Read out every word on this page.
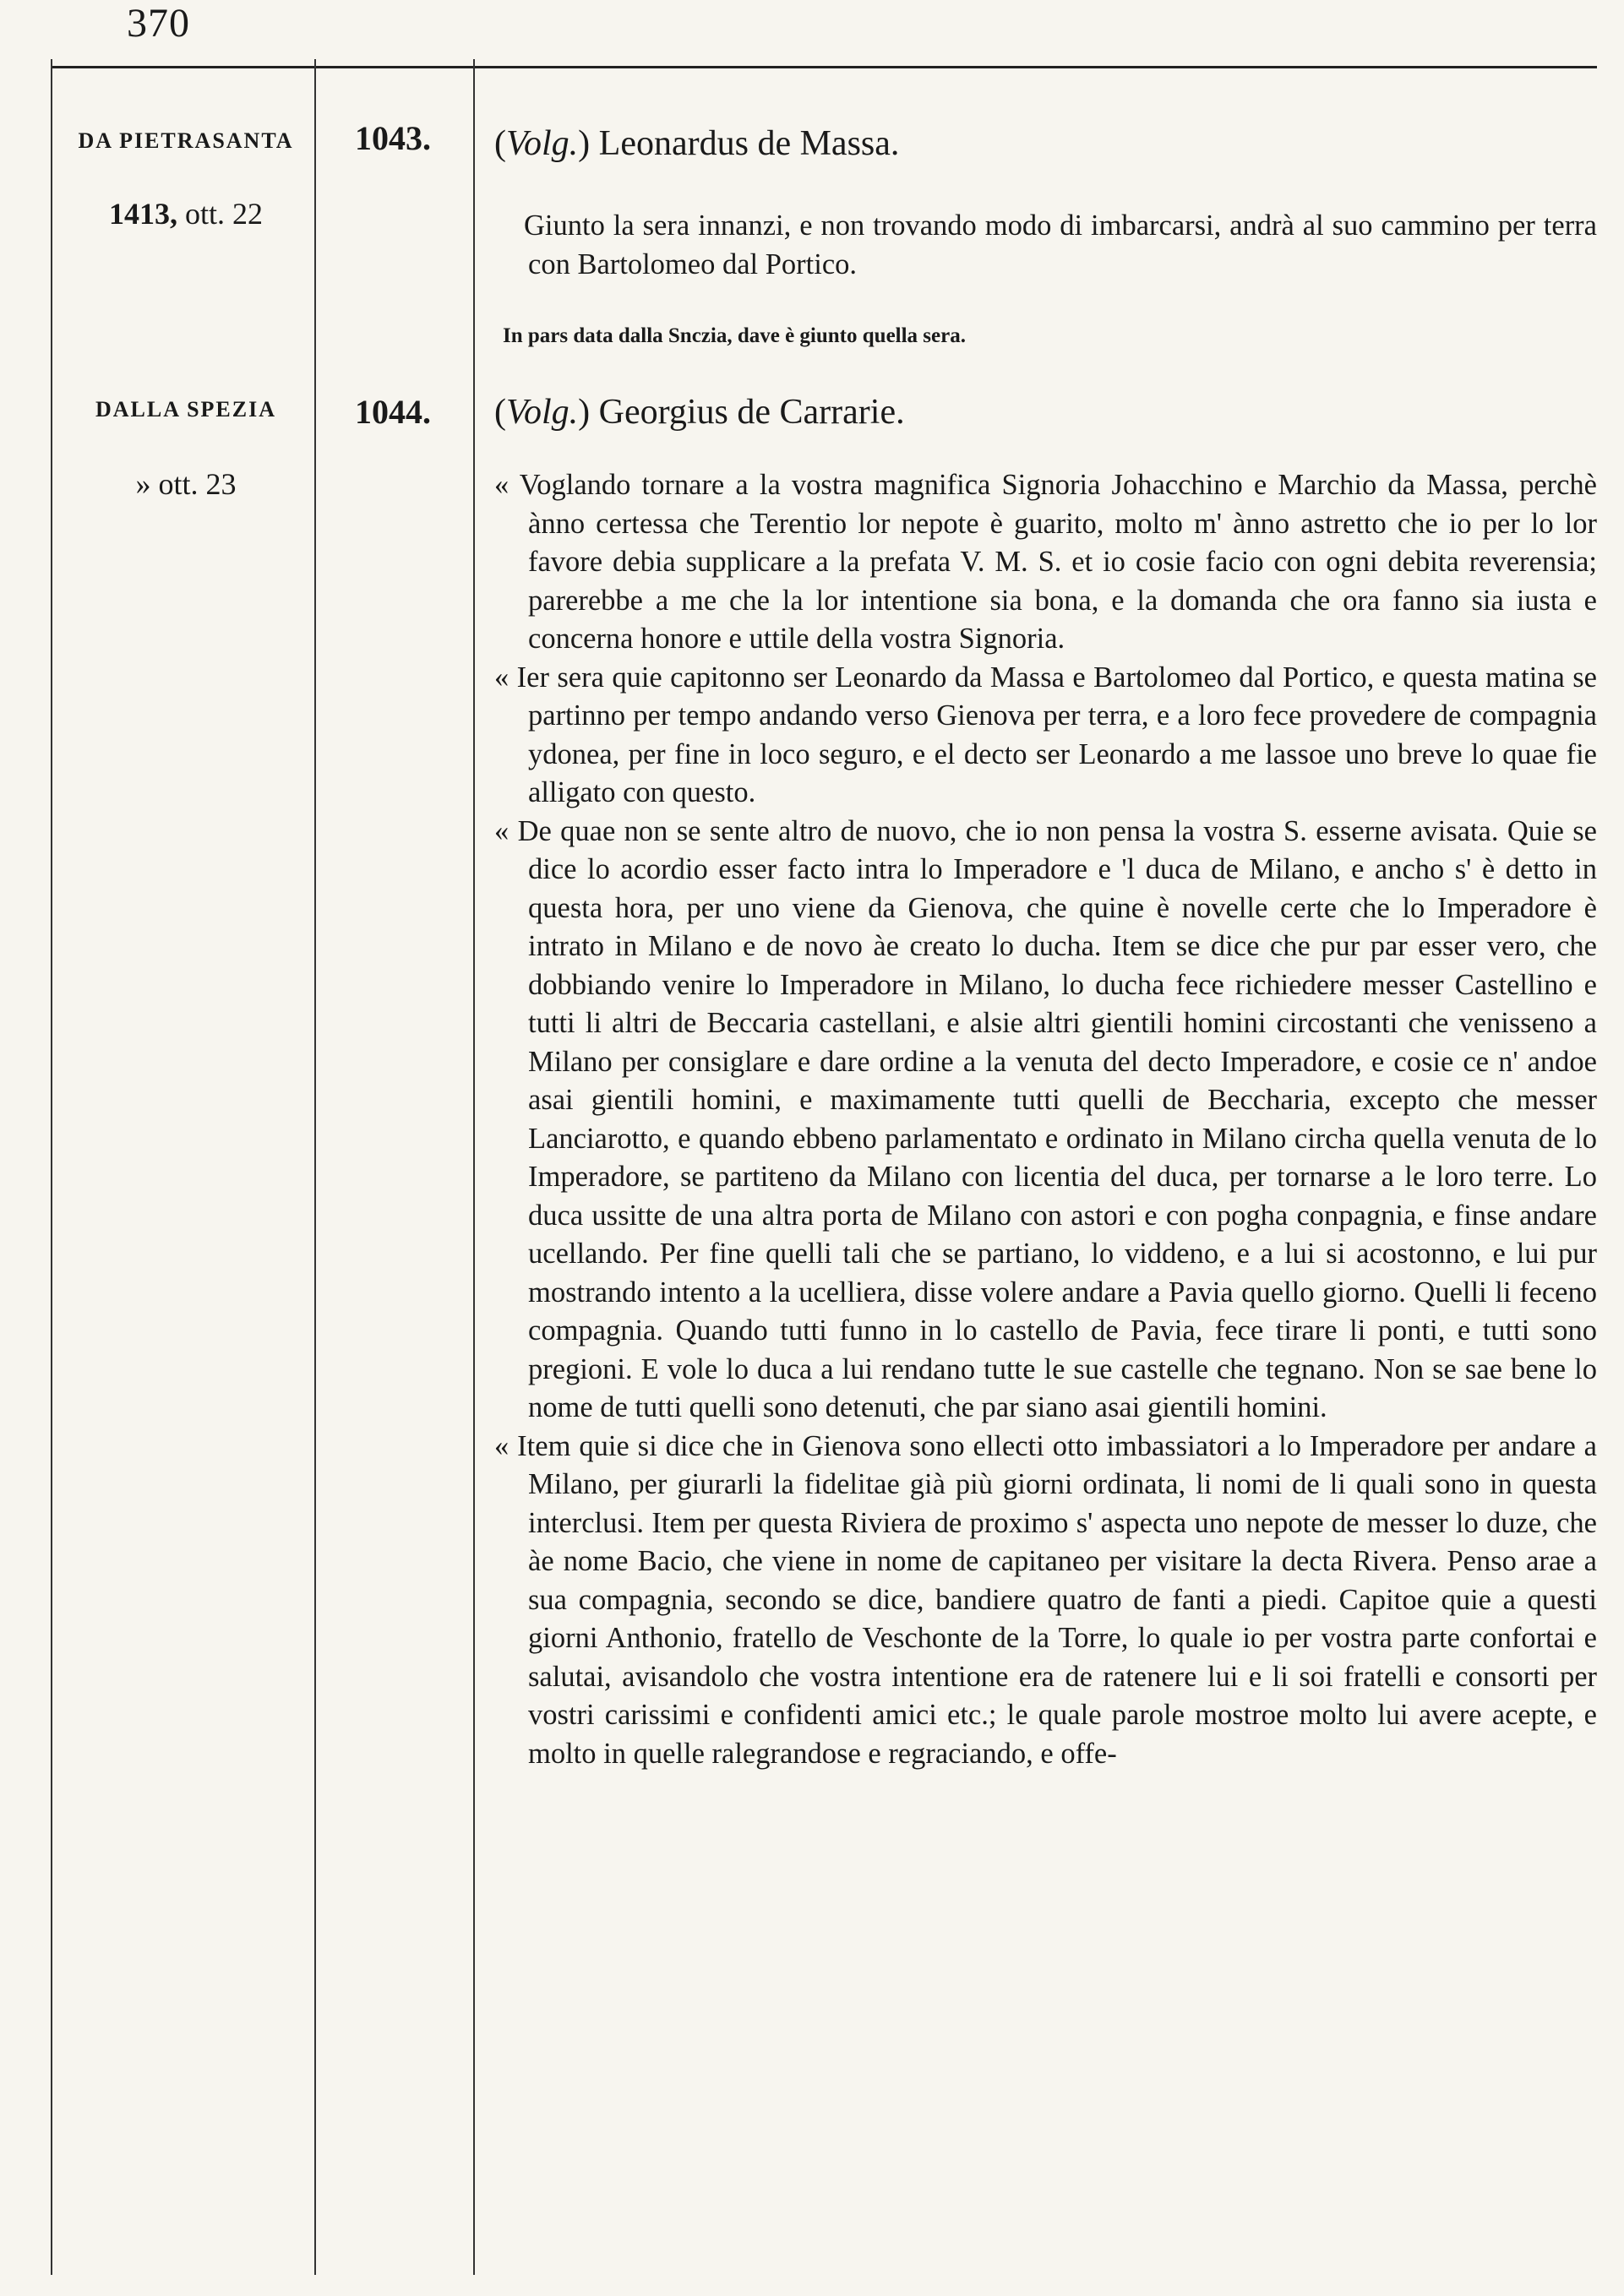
370
DA PIETRASANTA
1413, ott. 22
1043.	(Volg.) Leonardus de Massa.

Giunto la sera innanzi, e non trovando modo di imbarcarsi, andrà al suo cammino per terra con Bartolomeo dal Portico.

In pars data dalla Snczia, dave è giunto quella sera.
DALLA SPEZIA
» ott. 23
1044.	(Volg.) Georgius de Carrarie.

« Voglando tornare a la vostra magnifica Signoria Johacchino e Marchio da Massa, perchè ànno certessa che Terentio lor nepote è guarito, molto m' ànno astretto che io per lo lor favore debia supplicare a la prefata V. M. S. et io cosie facio con ogni debita reverensia; parerebbe a me che la lor intentione sia bona, e la domanda che ora fanno sia iusta e concerna honore e uttile della vostra Signoria.

« Ier sera quie capitonno ser Leonardo da Massa e Bartolomeo dal Portico, e questa matina se partinno per tempo andando verso Gienova per terra, e a loro fece provedere de compagnia ydonea, per fine in loco seguro, e el decto ser Leonardo a me lassoe uno breve lo quae fie alligato con questo.

« De quae non se sente altro de nuovo, che io non pensa la vostra S. esserne avisata. Quie se dice lo acordio esser facto intra lo Imperadore e 'l duca de Milano, e ancho s' è detto in questa hora, per uno viene da Gienova, che quine è novelle certe che lo Imperadore è intrato in Milano e de novo àe creato lo ducha. Item se dice che pur par esser vero, che dobbiando venire lo Imperadore in Milano, lo ducha fece richiedere messer Castellino e tutti li altri de Beccaria castellani, e alsie altri gientili homini circostanti che venisseno a Milano per consiglare e dare ordine a la venuta del decto Imperadore, e cosie ce n' andoe asai gientili homini, e maximamente tutti quelli de Beccharia, excepto che messer Lanciarotto, e quando ebbeno parlamentato e ordinato in Milano circha quella venuta de lo Imperadore, se partiteno da Milano con licentia del duca, per tornarse a le loro terre. Lo duca ussitte de una altra porta de Milano con astori e con pogha conpagnia, e finse andare ucellando. Per fine quelli tali che se partiano, lo viddeno, e a lui si acostonno, e lui pur mostrando intento a la ucelliera, disse volere andare a Pavia quello giorno. Quelli li feceno compagnia. Quando tutti funno in lo castello de Pavia, fece tirare li ponti, e tutti sono pregioni. E vole lo duca a lui rendano tutte le sue castelle che tegnano. Non se sae bene lo nome de tutti quelli sono detenuti, che par siano asai gientili homini.

« Item quie si dice che in Gienova sono ellecti otto imbassiatori a lo Imperadore per andare a Milano, per giurarli la fidelitae già più giorni ordinata, li nomi de li quali sono in questa interclusi. Item per questa Riviera de proximo s' aspecta uno nepote de messer lo duze, che àe nome Bacio, che viene in nome de capitaneo per visitare la decta Rivera. Penso arae a sua compagnia, secondo se dice, bandiere quatro de fanti a piedi. Capitoe quie a questi giorni Anthonio, fratello de Veschonte de la Torre, lo quale io per vostra parte confortai e salutai, avisandolo che vostra intentione era de ratenere lui e li soi fratelli e consorti per vostri carissimi e confidenti amici etc.; le quale parole mostroe molto lui avere acepte, e molto in quelle ralegrandose e regraciando, e offe-
